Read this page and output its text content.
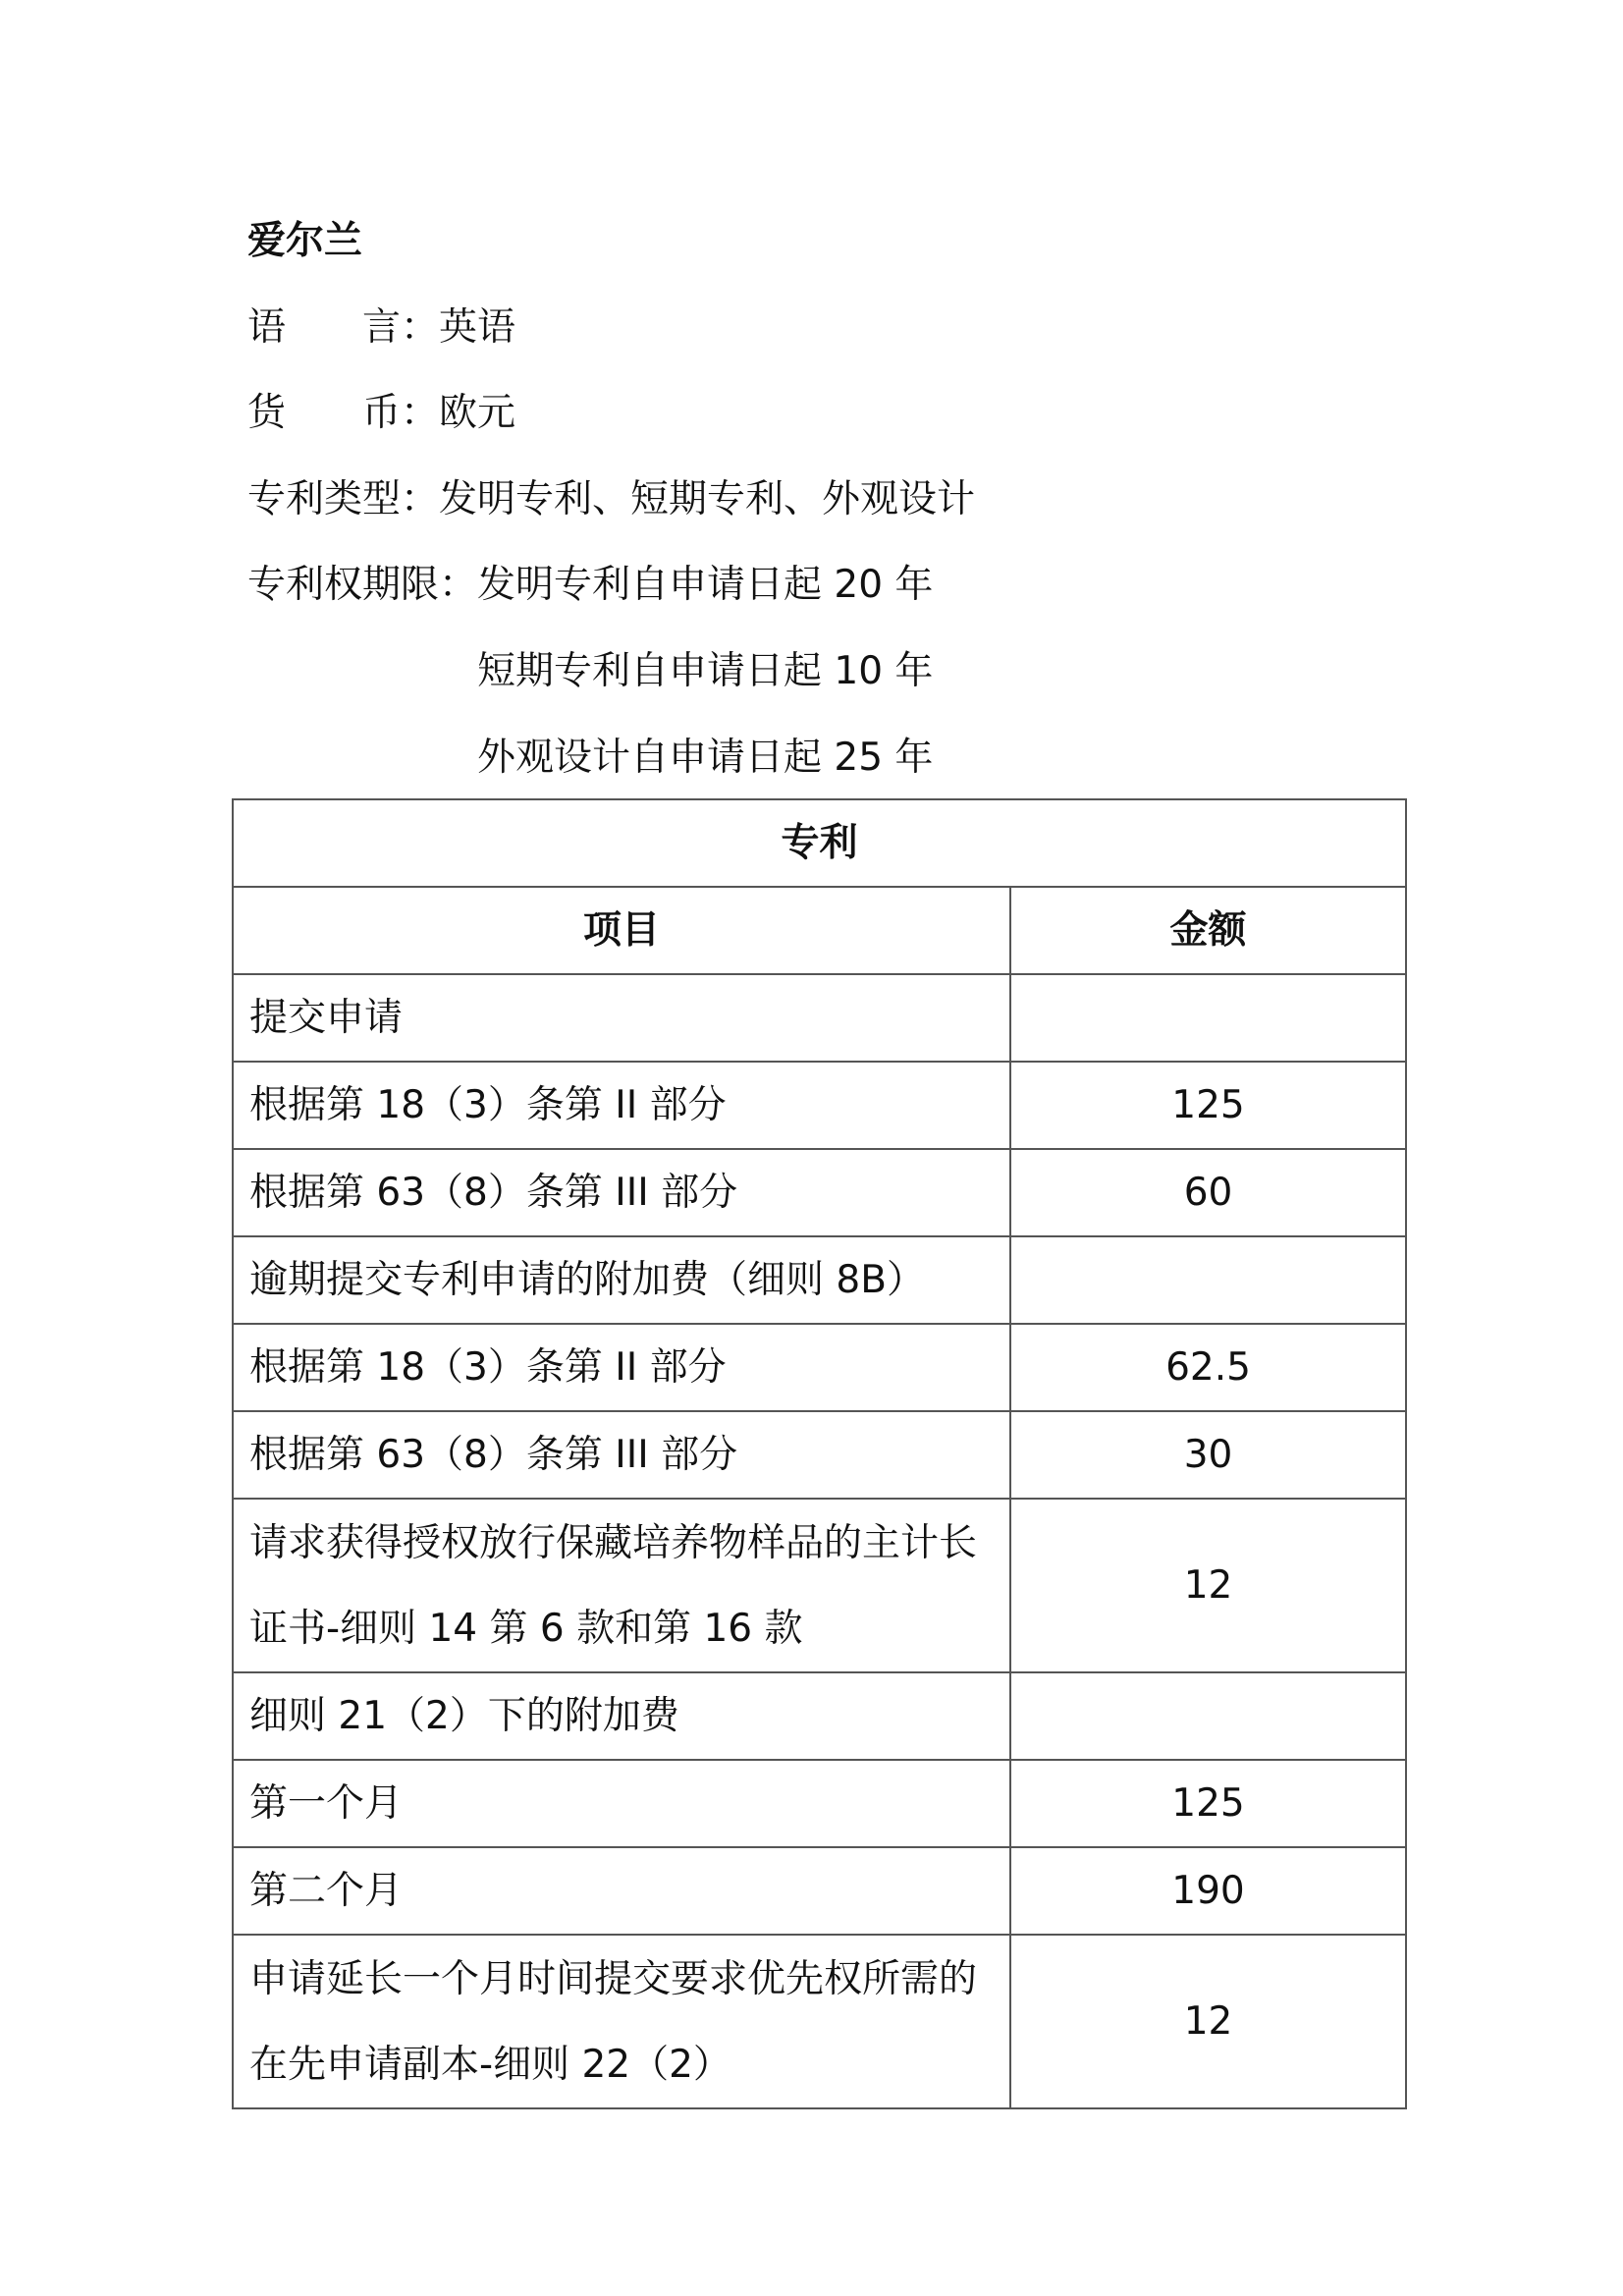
爱尔兰
语 言 ： 英语
货 币 ： 欧元
专利类型 ： 发明专利、短期专利、外观设计
专利权期限 ： 发明专利自申请日起 20 年
短期专利自申请日起 10 年
外观设计自申请日起 25 年
专利	
项目	金额
提交申请	
根据第 18（3）条第 II 部分	125
根据第 63（8）条第 III 部分	60
逾期提交专利申请的附加费（细则 8B）	
根据第 18（3）条第 II 部分	62.5
根据第 63（8）条第 III 部分	30
请求获得授权放行保藏培养物样品的主计长证书-细则 14 第 6 款和第 16 款	12
细则 21（2）下的附加费	
第一个月	125
第二个月	190
申请延长一个月时间提交要求优先权所需的在先申请副本-细则 22（2）	12
